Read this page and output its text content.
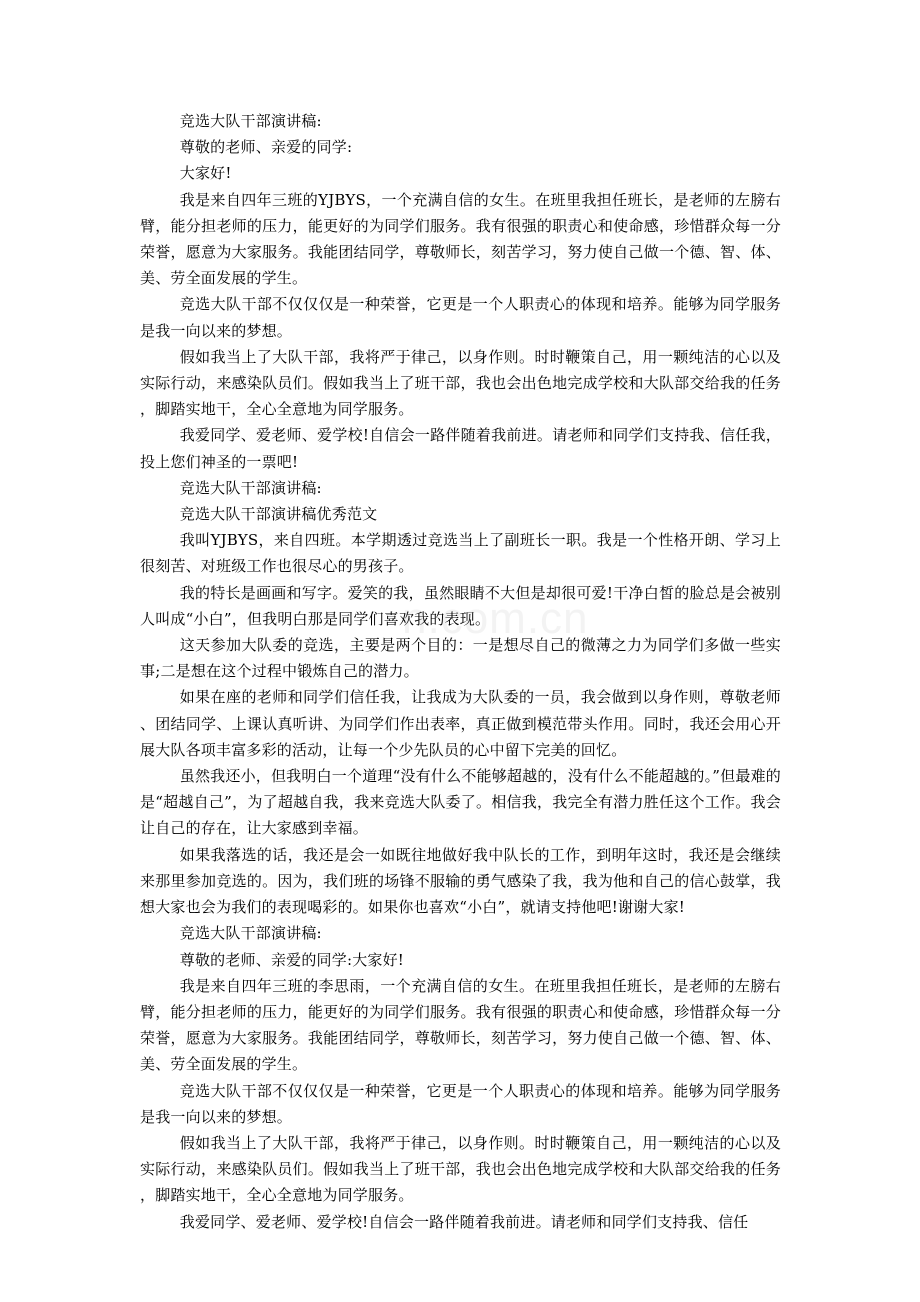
竞选大队干部演讲稿:

尊敬的老师、亲爱的同学:

大家好!

我是来自四年三班的YJBYS，一个充满自信的女生。在班里我担任班长，是老师的左膀右臂，能分担老师的压力，能更好的为同学们服务。我有很强的职责心和使命感，珍惜群众每一分荣誉，愿意为大家服务。我能团结同学，尊敬师长，刻苦学习，努力使自己做一个德、智、体、美、劳全面发展的学生。

竞选大队干部不仅仅仅是一种荣誉，它更是一个人职责心的体现和培养。能够为同学服务是我一向以来的梦想。

假如我当上了大队干部，我将严于律己，以身作则。时时鞭策自己，用一颗纯洁的心以及实际行动，来感染队员们。假如我当上了班干部，我也会出色地完成学校和大队部交给我的任务，脚踏实地干，全心全意地为同学服务。

我爱同学、爱老师、爱学校!自信会一路伴随着我前进。请老师和同学们支持我、信任我，投上您们神圣的一票吧!

竞选大队干部演讲稿:

竞选大队干部演讲稿优秀范文

我叫YJBYS，来自四班。本学期透过竞选当上了副班长一职。我是一个性格开朗、学习上很刻苦、对班级工作也很尽心的男孩子。

我的特长是画画和写字。爱笑的我，虽然眼睛不大但是却很可爱!干净白皙的脸总是会被别人叫成“小白”，但我明白那是同学们喜欢我的表现。

这天参加大队委的竞选，主要是两个目的：一是想尽自己的微薄之力为同学们多做一些实事;二是想在这个过程中锻炼自己的潜力。

如果在座的老师和同学们信任我，让我成为大队委的一员，我会做到以身作则，尊敬老师、团结同学、上课认真听讲、为同学们作出表率，真正做到模范带头作用。同时，我还会用心开展大队各项丰富多彩的活动，让每一个少先队员的心中留下完美的回忆。

虽然我还小，但我明白一个道理“没有什么不能够超越的，没有什么不能超越的。”但最难的是“超越自己”，为了超越自我，我来竞选大队委了。相信我，我完全有潜力胜任这个工作。我会让自己的存在，让大家感到幸福。

如果我落选的话，我还是会一如既往地做好我中队长的工作，到明年这时，我还是会继续来那里参加竞选的。因为，我们班的场锋不服输的勇气感染了我，我为他和自己的信心鼓掌，我想大家也会为我们的表现喝彩的。如果你也喜欢“小白”，就请支持他吧!谢谢大家!

竞选大队干部演讲稿:

尊敬的老师、亲爱的同学:大家好!

我是来自四年三班的李思雨，一个充满自信的女生。在班里我担任班长，是老师的左膀右臂，能分担老师的压力，能更好的为同学们服务。我有很强的职责心和使命感，珍惜群众每一分荣誉，愿意为大家服务。我能团结同学，尊敬师长，刻苦学习，努力使自己做一个德、智、体、美、劳全面发展的学生。

竞选大队干部不仅仅仅是一种荣誉，它更是一个人职责心的体现和培养。能够为同学服务是我一向以来的梦想。

假如我当上了大队干部，我将严于律己，以身作则。时时鞭策自己，用一颗纯洁的心以及实际行动，来感染队员们。假如我当上了班干部，我也会出色地完成学校和大队部交给我的任务，脚踏实地干，全心全意地为同学服务。

我爱同学、爱老师、爱学校!自信会一路伴随着我前进。请老师和同学们支持我、信任

n.com.cn
